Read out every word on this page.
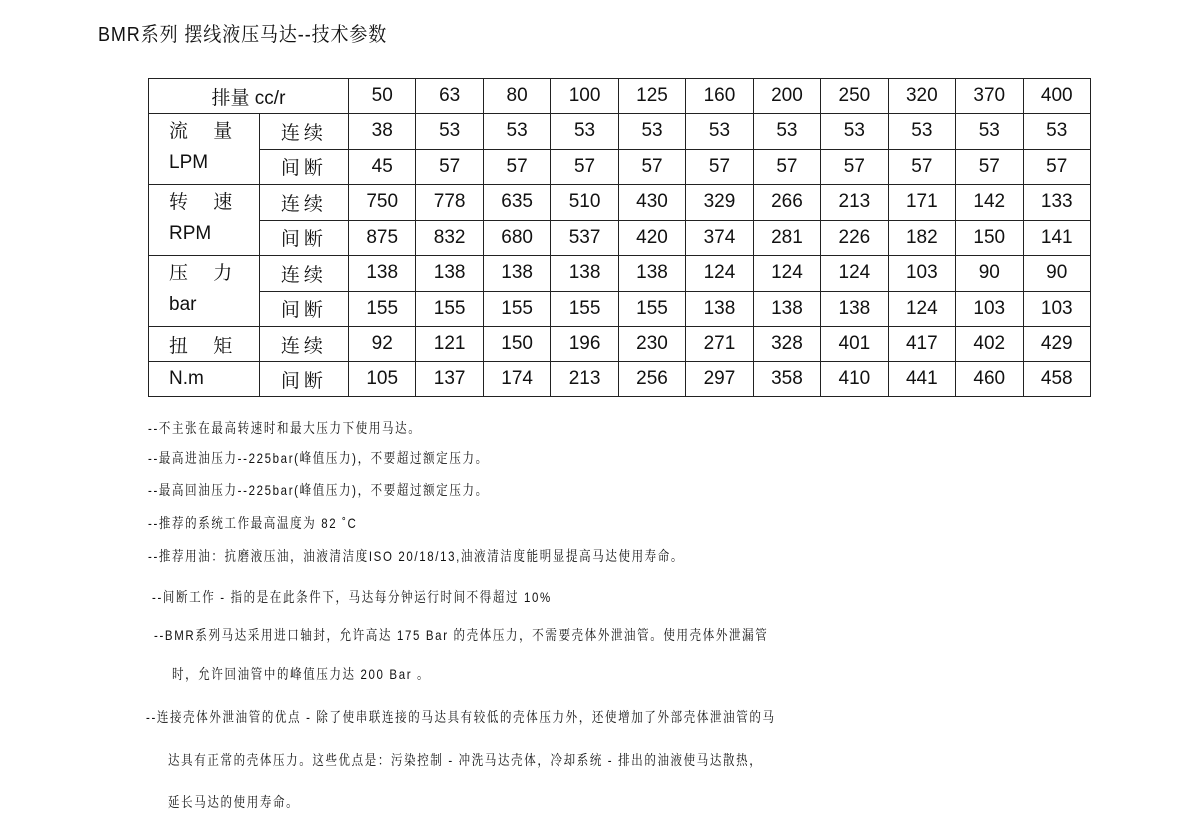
BMR系列 摆线液压马达--技术参数
排量 cc/r		50	63	80	100	125	160	200	250	320	370	400

流 量
LPM	连续	38	53	53	53	53	53	53	53	53	53	53
	间断	45	57	57	57	57	57	57	57	57	57	57

转 速
RPM	连续	750	778	635	510	430	329	266	213	171	142	133
	间断	875	832	680	537	420	374	281	226	182	150	141

压 力
bar	连续	138	138	138	138	138	124	124	124	103	90	90
	间断	155	155	155	155	155	138	138	138	124	103	103
扭 矩	连续	92	121	150	196	230	271	328	401	417	402	429
N.m	间断	105	137	174	213	256	297	358	410	441	460	458
--不主张在最高转速时和最大压力下使用马达。
--最高进油压力--225bar(峰值压力)，不要超过额定压力。
--最高回油压力--225bar(峰值压力)，不要超过额定压力。
--推荐的系统工作最高温度为 82 ˚C
--推荐用油：抗磨液压油，油液清洁度ISO 20/18/13,油液清洁度能明显提高马达使用寿命。
--间断工作 - 指的是在此条件下，马达每分钟运行时间不得超过 10%
--BMR系列马达采用进口轴封，允许高达 175 Bar 的壳体压力，不需要壳体外泄油管。使用壳体外泄漏管
时，允许回油管中的峰值压力达 200 Bar 。
--连接壳体外泄油管的优点 - 除了使串联连接的马达具有较低的壳体压力外，还使增加了外部壳体泄油管的马
达具有正常的壳体压力。这些优点是：污染控制 - 冲洗马达壳体，冷却系统 - 排出的油液使马达散热，
延长马达的使用寿命。
